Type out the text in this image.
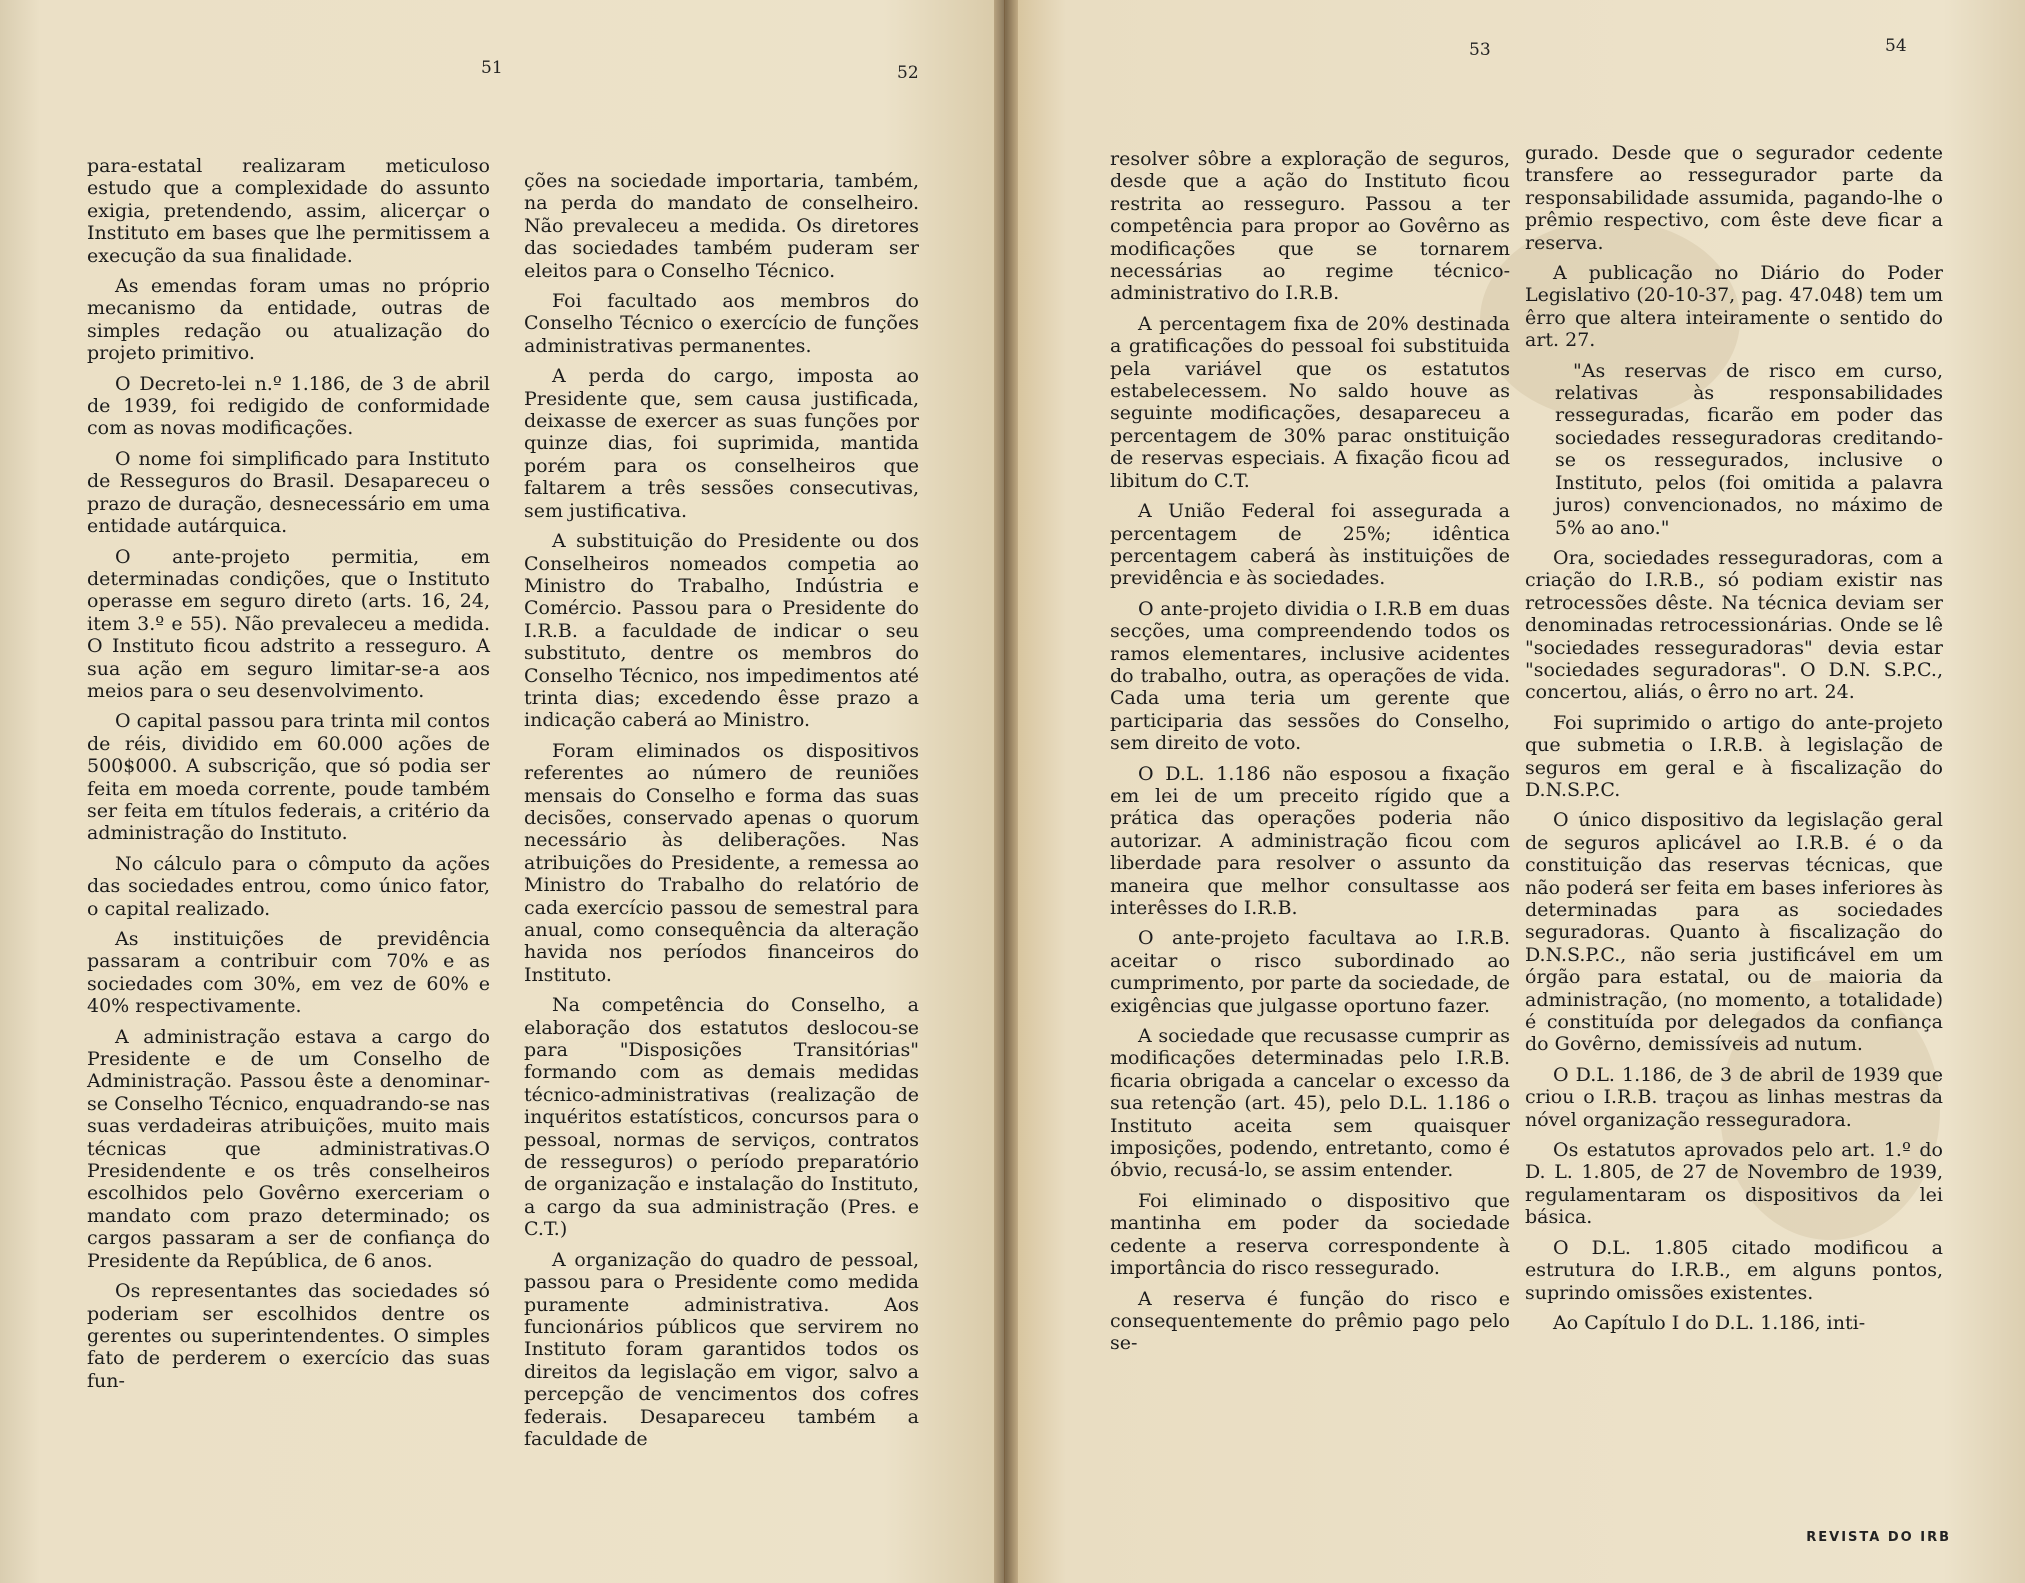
51	52
53	54

para-estatal realizaram meticuloso estudo que a complexidade do assunto exigia, pretendendo, assim, alicerçar o Instituto em bases que lhe permitissem a execução da sua finalidade.

As emendas foram umas no próprio mecanismo da entidade, outras de simples redação ou atualização do projeto primitivo.

O Decreto-lei n.º 1.186, de 3 de abril de 1939, foi redigido de conformidade com as novas modificações.

O nome foi simplificado para Instituto de Resseguros do Brasil. Desapareceu o prazo de duração, desnecessário em uma entidade autárquica.

O ante-projeto permitia, em determinadas condições, que o Instituto operasse em seguro direto (arts. 16, 24, item 3.º e 55). Não prevaleceu a medida. O Instituto ficou adstrito a resseguro. A sua ação em seguro limitar-se-a aos meios para o seu desenvolvimento.

O capital passou para trinta mil contos de réis, dividido em 60.000 ações de 500$000. A subscrição, que só podia ser feita em moeda corrente, poude também ser feita em títulos federais, a critério da administração do Instituto.

No cálculo para o cômputo da ações das sociedades entrou, como único fator, o capital realizado.

As instituições de previdência passaram a contribuir com 70% e as sociedades com 30%, em vez de 60% e 40% respectivamente.

A administração estava a cargo do Presidente e de um Conselho de Administração. Passou êste a denominar-se Conselho Técnico, enquadrando-se nas suas verdadeiras atribuições, muito mais técnicas que administrativas.O Presidendente e os três conselheiros escolhidos pelo Govêrno exerceriam o mandato com prazo determinado; os cargos passaram a ser de confiança do Presidente da República, de 6 anos.

Os representantes das sociedades só poderiam ser escolhidos dentre os gerentes ou superintendentes. O simples fato de perderem o exercício das suas fun-

ções na sociedade importaria, também, na perda do mandato de conselheiro. Não prevaleceu a medida. Os diretores das sociedades também puderam ser eleitos para o Conselho Técnico.

Foi facultado aos membros do Conselho Técnico o exercício de funções administrativas permanentes.

A perda do cargo, imposta ao Presidente que, sem causa justificada, deixasse de exercer as suas funções por quinze dias, foi suprimida, mantida porém para os conselheiros que faltarem a três sessões consecutivas, sem justificativa.

A substituição do Presidente ou dos Conselheiros nomeados competia ao Ministro do Trabalho, Indústria e Comércio. Passou para o Presidente do I.R.B. a faculdade de indicar o seu substituto, dentre os membros do Conselho Técnico, nos impedimentos até trinta dias; excedendo êsse prazo a indicação caberá ao Ministro.

Foram eliminados os dispositivos referentes ao número de reuniões mensais do Conselho e forma das suas decisões, conservado apenas o quorum necessário às deliberações. Nas atribuições do Presidente, a remessa ao Ministro do Trabalho do relatório de cada exercício passou de semestral para anual, como consequência da alteração havida nos períodos financeiros do Instituto.

Na competência do Conselho, a elaboração dos estatutos deslocou-se para "Disposições Transitórias" formando com as demais medidas técnico-administrativas (realização de inquéritos estatísticos, concursos para o pessoal, normas de serviços, contratos de resseguros) o período preparatório de organização e instalação do Instituto, a cargo da sua administração (Pres. e C.T.)

A organização do quadro de pessoal, passou para o Presidente como medida puramente administrativa. Aos funcionários públicos que servirem no Instituto foram garantidos todos os direitos da legislação em vigor, salvo a percepção de vencimentos dos cofres federais. Desapareceu também a faculdade de

resolver sôbre a exploração de seguros, desde que a ação do Instituto ficou restrita ao resseguro. Passou a ter competência para propor ao Govêrno as modificações que se tornarem necessárias ao regime técnico-administrativo do I.R.B.

A percentagem fixa de 20% destinada a gratificações do pessoal foi substituida pela variável que os estatutos estabelecessem. No saldo houve as seguinte modificações, desapareceu a percentagem de 30% parac onstituição de reservas especiais. A fixação ficou ad libitum do C.T.

A União Federal foi assegurada a percentagem de 25%; idêntica percentagem caberá às instituições de previdência e às sociedades.

O ante-projeto dividia o I.R.B em duas secções, uma compreendendo todos os ramos elementares, inclusive acidentes do trabalho, outra, as operações de vida. Cada uma teria um gerente que participaria das sessões do Conselho, sem direito de voto.

O D.L. 1.186 não esposou a fixação em lei de um preceito rígido que a prática das operações poderia não autorizar. A administração ficou com liberdade para resolver o assunto da maneira que melhor consultasse aos interêsses do I.R.B.

O ante-projeto facultava ao I.R.B. aceitar o risco subordinado ao cumprimento, por parte da sociedade, de exigências que julgasse oportuno fazer.

A sociedade que recusasse cumprir as modificações determinadas pelo I.R.B. ficaria obrigada a cancelar o excesso da sua retenção (art. 45), pelo D.L. 1.186 o Instituto aceita sem quaisquer imposições, podendo, entretanto, como é óbvio, recusá-lo, se assim entender.

Foi eliminado o dispositivo que mantinha em poder da sociedade cedente a reserva correspondente à importância do risco ressegurado.

A reserva é função do risco e consequentemente do prêmio pago pelo se-

gurado. Desde que o segurador cedente transfere ao ressegurador parte da responsabilidade assumida, pagando-lhe o prêmio respectivo, com êste deve ficar a reserva.

A publicação no Diário do Poder Legislativo (20-10-37, pag. 47.048) tem um êrro que altera inteiramente o sentido do art. 27.

"As reservas de risco em curso, relativas às responsabilidades resseguradas, ficarão em poder das sociedades resseguradoras creditando-se os ressegurados, inclusive o Instituto, pelos (foi omitida a palavra juros) convencionados, no máximo de 5% ao ano."

Ora, sociedades resseguradoras, com a criação do I.R.B., só podiam existir nas retrocessões dêste. Na técnica deviam ser denominadas retrocessionárias. Onde se lê "sociedades resseguradoras" devia estar "sociedades seguradoras". O D.N. S.P.C., concertou, aliás, o êrro no art. 24.

Foi suprimido o artigo do ante-projeto que submetia o I.R.B. à legislação de seguros em geral e à fiscalização do D.N.S.P.C.

O único dispositivo da legislação geral de seguros aplicável ao I.R.B. é o da constituição das reservas técnicas, que não poderá ser feita em bases inferiores às determinadas para as sociedades seguradoras. Quanto à fiscalização do D.N.S.P.C., não seria justificável em um órgão para estatal, ou de maioria da administração, (no momento, a totalidade) é constituída por delegados da confiança do Govêrno, demissíveis ad nutum.

O D.L. 1.186, de 3 de abril de 1939 que criou o I.R.B. traçou as linhas mestras da nóvel organização resseguradora.

Os estatutos aprovados pelo art. 1.º do D. L. 1.805, de 27 de Novembro de 1939, regulamentaram os dispositivos da lei básica.

O D.L. 1.805 citado modificou a estrutura do I.R.B., em alguns pontos, suprindo omissões existentes.

Ao Capítulo I do D.L. 1.186, inti-

REVISTA DO IRB
